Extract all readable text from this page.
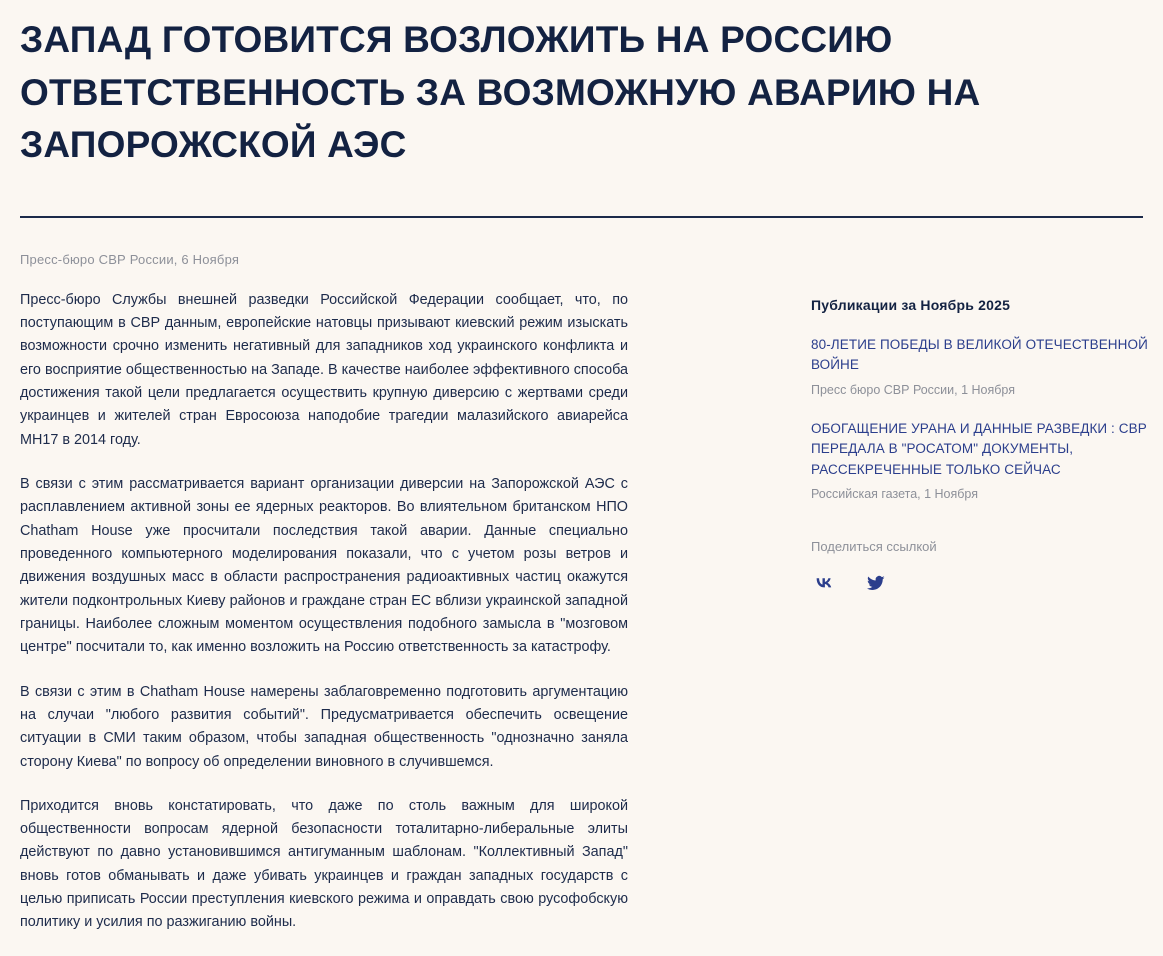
ЗАПАД ГОТОВИТСЯ ВОЗЛОЖИТЬ НА РОССИЮ ОТВЕТСТВЕННОСТЬ ЗА ВОЗМОЖНУЮ АВАРИЮ НА ЗАПОРОЖСКОЙ АЭС
Пресс-бюро СВР России, 6 Ноября

Пресс-бюро Службы внешней разведки Российской Федерации сообщает, что, по поступающим в СВР данным, европейские натовцы призывают киевский режим изыскать возможности срочно изменить негативный для западников ход украинского конфликта и его восприятие общественностью на Западе. В качестве наиболее эффективного способа достижения такой цели предлагается осуществить крупную диверсию с жертвами среди украинцев и жителей стран Евросоюза наподобие трагедии малазийского авиарейса MH17 в 2014 году.

В связи с этим рассматривается вариант организации диверсии на Запорожской АЭС с расплавлением активной зоны ее ядерных реакторов. Во влиятельном британском НПО Chatham House уже просчитали последствия такой аварии. Данные специально проведенного компьютерного моделирования показали, что с учетом розы ветров и движения воздушных масс в области распространения радиоактивных частиц окажутся жители подконтрольных Киеву районов и граждане стран ЕС вблизи украинской западной границы. Наиболее сложным моментом осуществления подобного замысла в "мозговом центре" посчитали то, как именно возложить на Россию ответственность за катастрофу.

В связи с этим в Chatham House намерены заблаговременно подготовить аргументацию на случаи "любого развития событий". Предусматривается обеспечить освещение ситуации в СМИ таким образом, чтобы западная общественность "однозначно заняла сторону Киева" по вопросу об определении виновного в случившемся.

Приходится вновь констатировать, что даже по столь важным для широкой общественности вопросам ядерной безопасности тоталитарно-либеральные элиты действуют по давно установившимся антигуманным шаблонам. "Коллективный Запад" вновь готов обманывать и даже убивать украинцев и граждан западных государств с целью приписать России преступления киевского режима и оправдать свою русофобскую политику и усилия по разжиганию войны.

Публикации за Ноябрь 2025
80-ЛЕТИЕ ПОБЕДЫ В ВЕЛИКОЙ ОТЕЧЕСТВЕННОЙ ВОЙНЕ
Пресс бюро СВР России, 1 Ноября
ОБОГАЩЕНИЕ УРАНА И ДАННЫЕ РАЗВЕДКИ : СВР ПЕРЕДАЛА В "РОСАТОМ" ДОКУМЕНТЫ, РАССЕКРЕЧЕННЫЕ ТОЛЬКО СЕЙЧАС
Российская газета, 1 Ноября
Поделиться ссылкой
